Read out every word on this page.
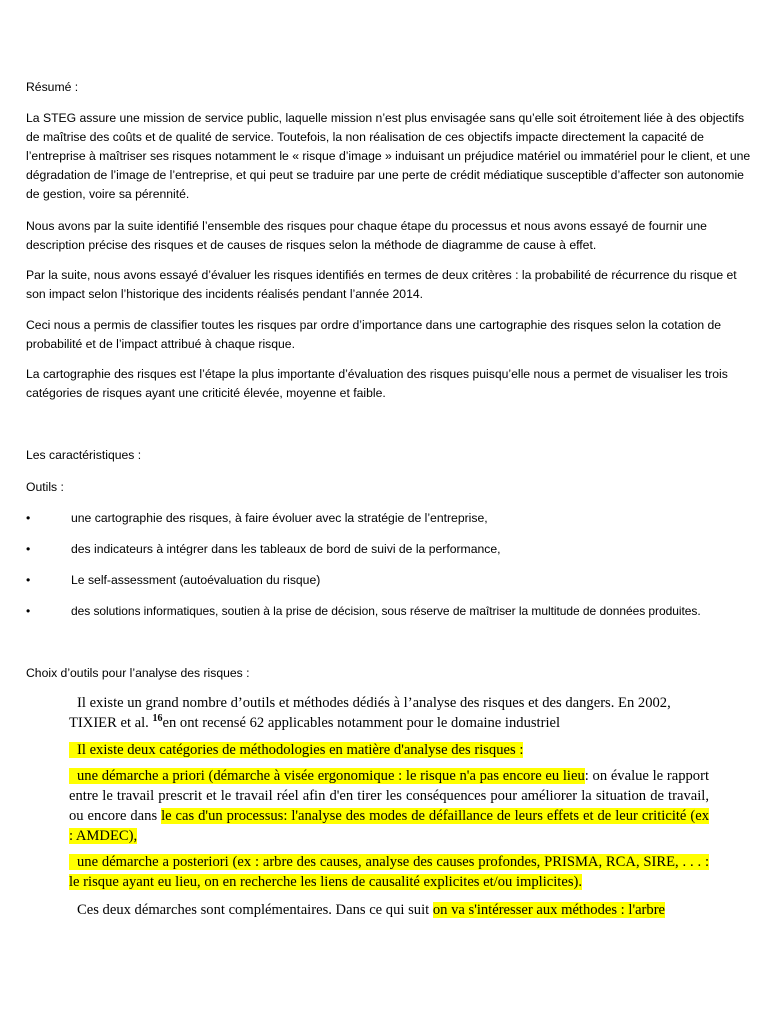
Résumé :

La STEG assure une mission de service public, laquelle mission n’est plus envisagée sans qu’elle soit étroitement liée à des objectifs de maîtrise des coûts et de qualité de service. Toutefois, la non réalisation de ces objectifs impacte directement la capacité de l’entreprise à maîtriser ses risques notamment le « risque d’image » induisant un préjudice matériel ou immatériel pour le client, et une dégradation de l’image de l’entreprise, et qui peut se traduire par une perte de crédit médiatique susceptible d’affecter son autonomie de gestion, voire sa pérennité.

Nous avons par la suite identifié l’ensemble des risques pour chaque étape du processus et nous avons essayé de fournir une description précise des risques et de causes de risques selon la méthode de diagramme de cause à effet.

Par la suite, nous avons essayé d’évaluer les risques identifiés en termes de deux critères : la probabilité de récurrence du risque et son impact selon l’historique des incidents réalisés pendant l’année 2014.

Ceci nous a permis de classifier toutes les risques par ordre d’importance dans une cartographie des risques selon la cotation de probabilité et de l’impact attribué à chaque risque.

La cartographie des risques est l’étape la plus importante d’évaluation des risques puisqu’elle nous a permet de visualiser les trois catégories de risques ayant une criticité élevée, moyenne et faible.

Les caractéristiques :

Outils :

•	une cartographie des risques, à faire évoluer avec la stratégie de l’entreprise,
•	des indicateurs à intégrer dans les tableaux de bord de suivi de la performance,
•	Le self-assessment (autoévaluation du risque)
•	des solutions informatiques, soutien à la prise de décision, sous réserve de maîtriser la multitude de données produites.

Choix d’outils pour l’analyse des risques :

Il existe un grand nombre d’outils et méthodes dédiés à l’analyse des risques et des dangers. En 2002, TIXIER et al. $^{16}$en ont recensé 62 applicables notamment pour le domaine industriel

Il existe deux catégories de méthodologies en matière d'analyse des risques :

une démarche a priori (démarche à visée ergonomique : le risque n'a pas encore eu lieu: on évalue le rapport entre le travail prescrit et le travail réel afin d'en tirer les conséquences pour améliorer la situation de travail, ou encore dans le cas d'un processus: l'analyse des modes de défaillance de leurs effets et de leur criticité (ex : AMDEC),

une démarche a posteriori (ex : arbre des causes, analyse des causes profondes, PRISMA, RCA, SIRE, . . . : le risque ayant eu lieu, on en recherche les liens de causalité explicites et/ou implicites).

Ces deux démarches sont complémentaires. Dans ce qui suit on va s'intéresser aux méthodes : l'arbre
